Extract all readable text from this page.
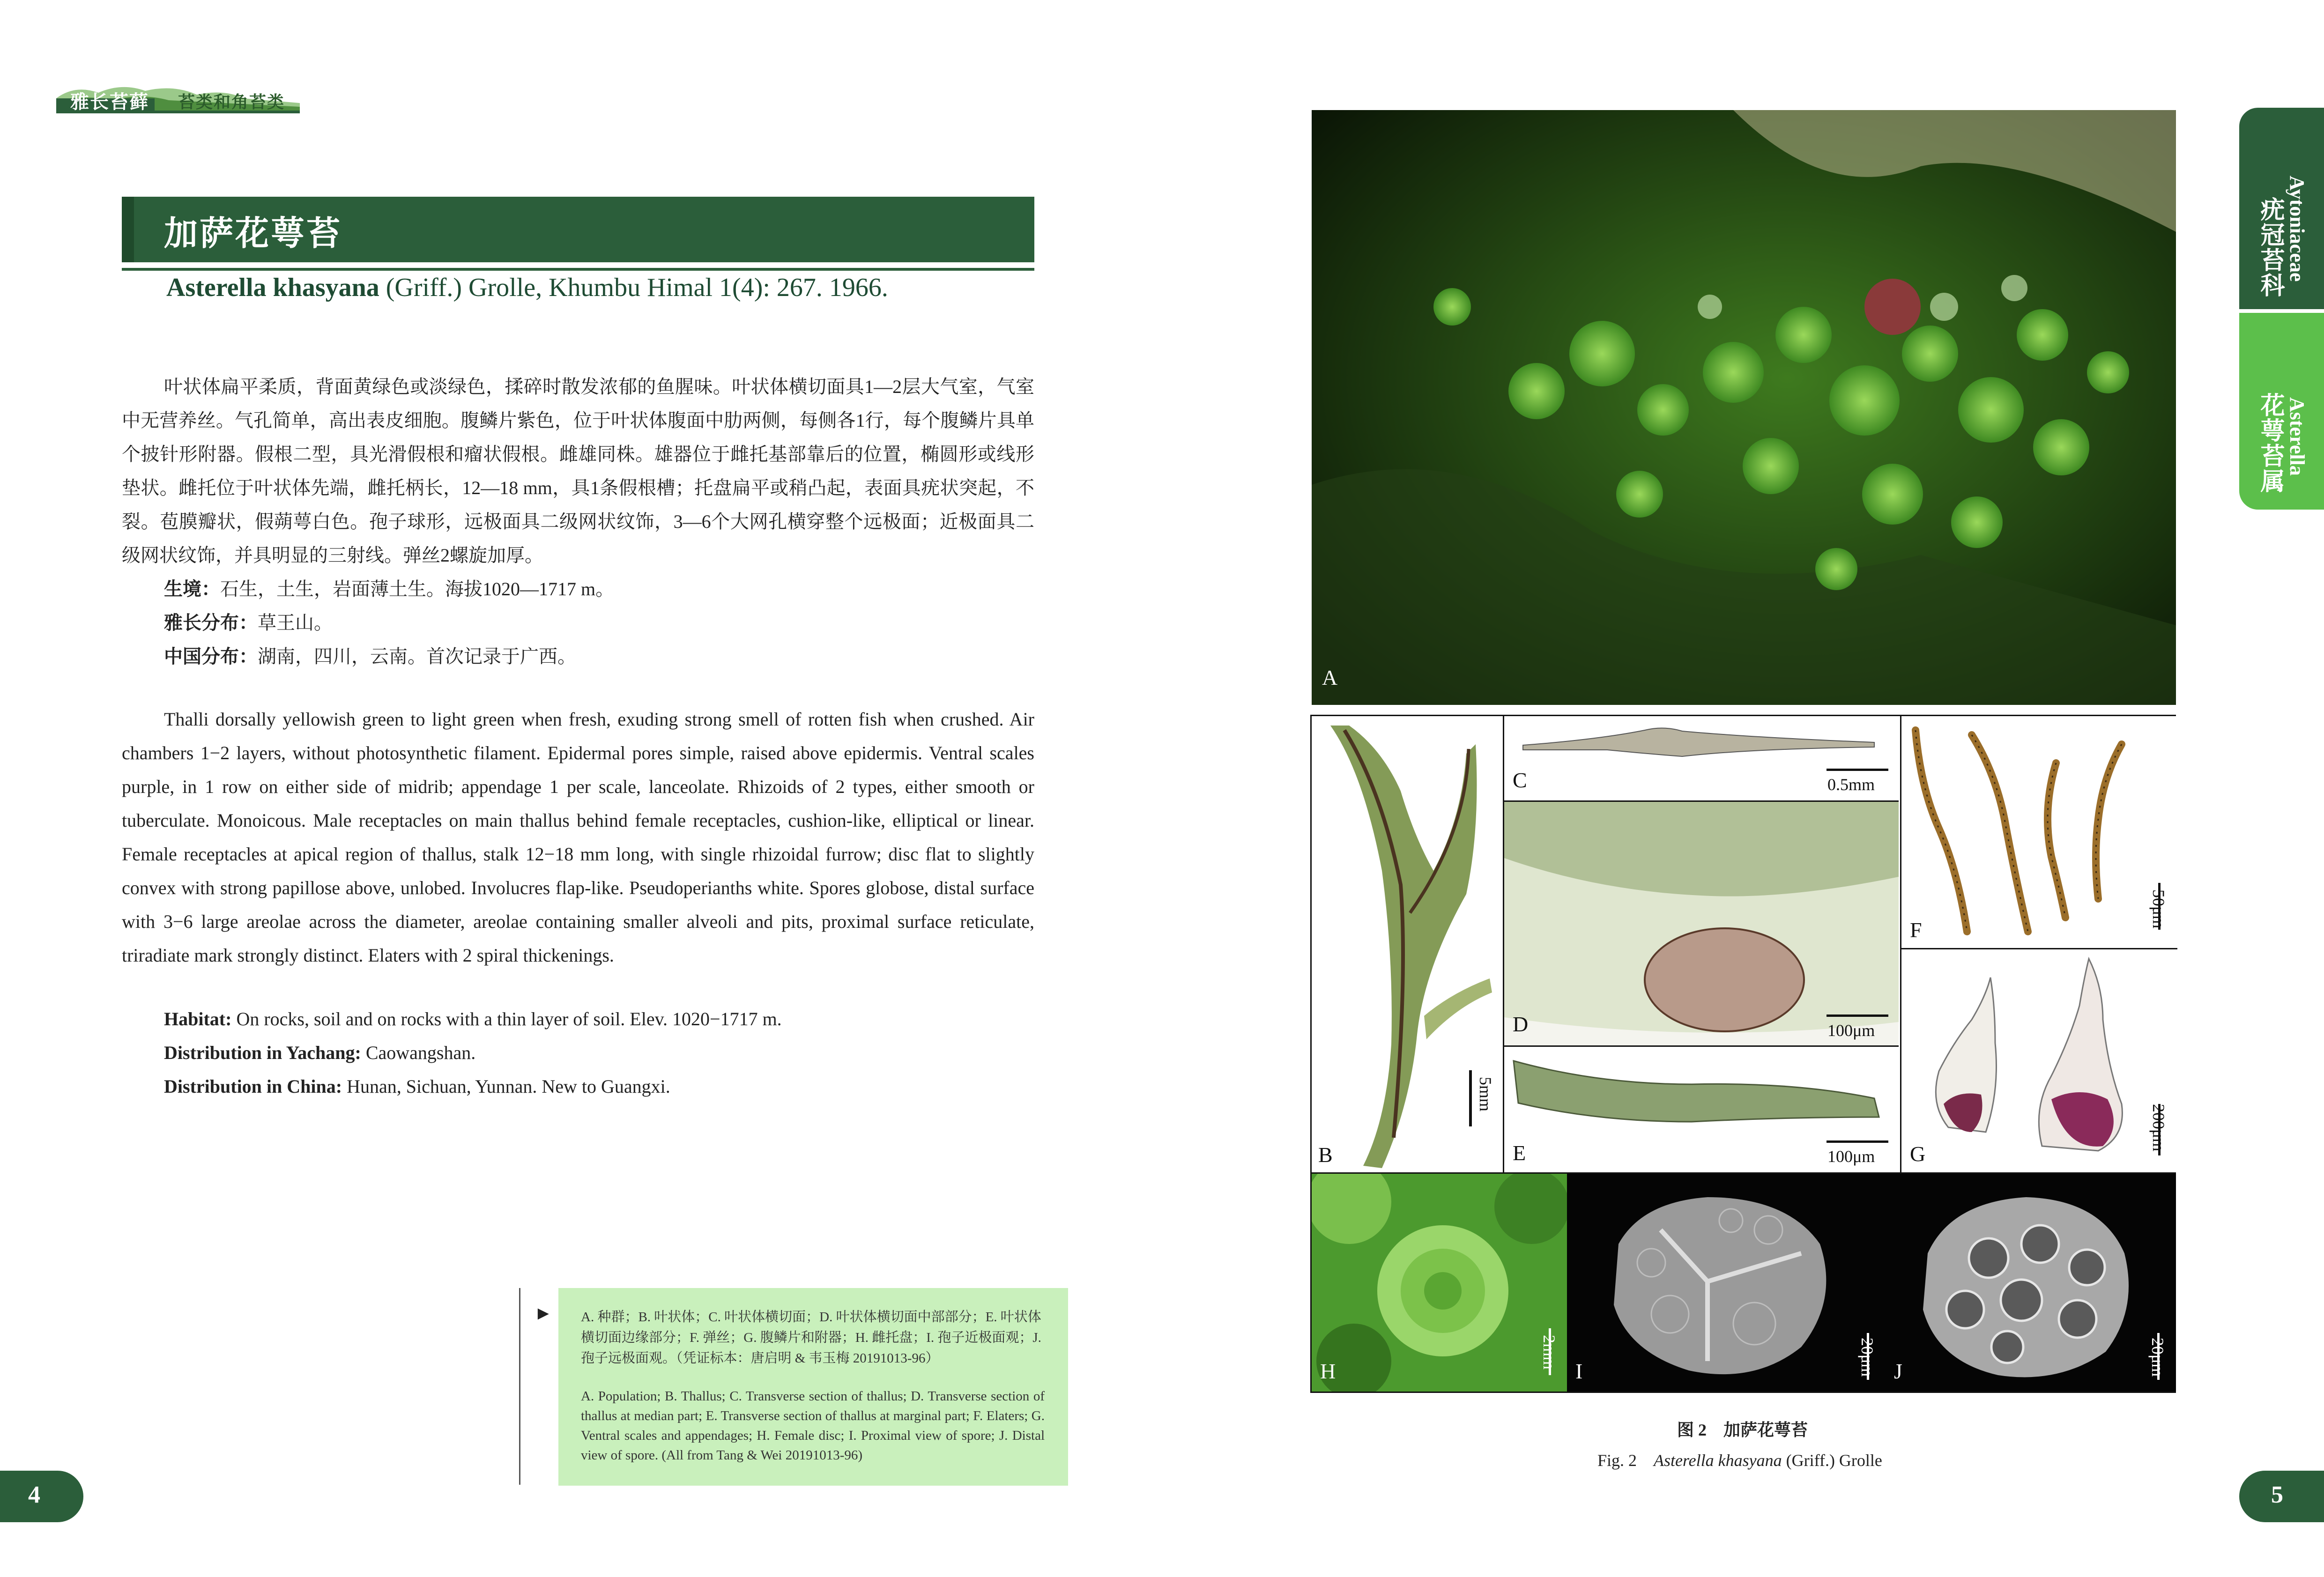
雅长苔藓 苔类和角苔类
加萨花萼苔
Asterella khasyana (Griff.) Grolle, Khumbu Himal 1(4): 267. 1966.
叶状体扁平柔质，背面黄绿色或淡绿色，揉碎时散发浓郁的鱼腥味。叶状体横切面具1—2层大气室，气室中无营养丝。气孔简单，高出表皮细胞。腹鳞片紫色，位于叶状体腹面中肋两侧，每侧各1行，每个腹鳞片具单个披针形附器。假根二型，具光滑假根和瘤状假根。雌雄同株。雄器位于雌托基部靠后的位置，椭圆形或线形垫状。雌托位于叶状体先端，雌托柄长，12—18 mm，具1条假根槽；托盘扁平或稍凸起，表面具疣状突起，不裂。苞膜瓣状，假蒴萼白色。孢子球形，远极面具二级网状纹饰，3—6个大网孔横穿整个远极面；近极面具二级网状纹饰，并具明显的三射线。弹丝2螺旋加厚。
生境：石生，土生，岩面薄土生。海拔1020—1717 m。
雅长分布：草王山。
中国分布：湖南，四川，云南。首次记录于广西。
Thalli dorsally yellowish green to light green when fresh, exuding strong smell of rotten fish when crushed. Air chambers 1−2 layers, without photosynthetic filament. Epidermal pores simple, raised above epidermis. Ventral scales purple, in 1 row on either side of midrib; appendage 1 per scale, lanceolate. Rhizoids of 2 types, either smooth or tuberculate. Monoicous. Male receptacles on main thallus behind female receptacles, cushion-like, elliptical or linear. Female receptacles at apical region of thallus, stalk 12−18 mm long, with single rhizoidal furrow; disc flat to slightly convex with strong papillose above, unlobed. Involucres flap-like. Pseudoperianths white. Spores globose, distal surface with 3−6 large areolae across the diameter, areolae containing smaller alveoli and pits, proximal surface reticulate, triradiate mark strongly distinct. Elaters with 2 spiral thickenings.
Habitat: On rocks, soil and on rocks with a thin layer of soil. Elev. 1020−1717 m.
Distribution in Yachang: Caowangshan.
Distribution in China: Hunan, Sichuan, Yunnan. New to Guangxi.
► A. 种群；B. 叶状体；C. 叶状体横切面；D. 叶状体横切面中部部分；E. 叶状体横切面边缘部分；F. 弹丝；G. 腹鳞片和附器；H. 雌托盘；I. 孢子近极面观；J. 孢子远极面观。（凭证标本：唐启明 & 韦玉梅 20191013-96）
A. Population; B. Thallus; C. Transverse section of thallus; D. Transverse section of thallus at median part; E. Transverse section of thallus at marginal part; F. Elaters; G. Ventral scales and appendages; H. Female disc; I. Proximal view of spore; J. Distal view of spore. (All from Tang & Wei 20191013-96)
4
A
B
5mm
C	0.5mm
D	100μm
E	100μm
F
50μm
G
200μm
H
2mm
I	20μm J	20μm
图 2　加萨花萼苔
Fig. 2　Asterella khasyana (Griff.) Grolle
Aytoniaceae
疣冠苔科
Asterella
花萼苔属
5
